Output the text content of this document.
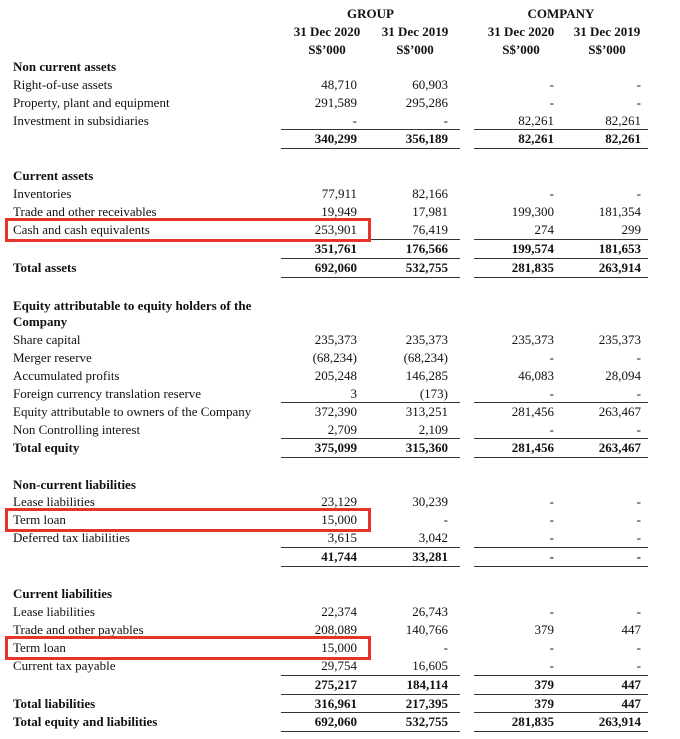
GROUP	COMPANY
31 Dec 2020	31 Dec 2019	31 Dec 2020	31 Dec 2019
S$’000	S$’000	S$’000	S$’000
Non current assets
Right-of-use assets	48,710	60,903	-	-
Property, plant and equipment	291,589	295,286	-	-
Investment in subsidiaries	-	-	82,261	82,261
340,299	356,189	82,261	82,261
Current assets
Inventories	77,911	82,166	-	-
Trade and other receivables	19,949	17,981	199,300	181,354
Cash and cash equivalents	253,901	76,419	274	299
351,761	176,566	199,574	181,653
Total assets	692,060	532,755	281,835	263,914
Equity attributable to equity holders of the
Company
Share capital	235,373	235,373	235,373	235,373
Merger reserve	(68,234)	(68,234)	-	-
Accumulated profits	205,248	146,285	46,083	28,094
Foreign currency translation reserve	3	(173)	-	-
Equity attributable to owners of the Company	372,390	313,251	281,456	263,467
Non Controlling interest	2,709	2,109	-	-
Total equity	375,099	315,360	281,456	263,467
Non-current liabilities
Lease liabilities	23,129	30,239	-	-
Term loan	15,000	-	-	-
Deferred tax liabilities	3,615	3,042	-	-
41,744	33,281	-	-
Current liabilities
Lease liabilities	22,374	26,743	-	-
Trade and other payables	208,089	140,766	379	447
Term loan	15,000	-	-	-
Current tax payable	29,754	16,605	-	-
275,217	184,114	379	447
Total liabilities	316,961	217,395	379	447
Total equity and liabilities	692,060	532,755	281,835	263,914
